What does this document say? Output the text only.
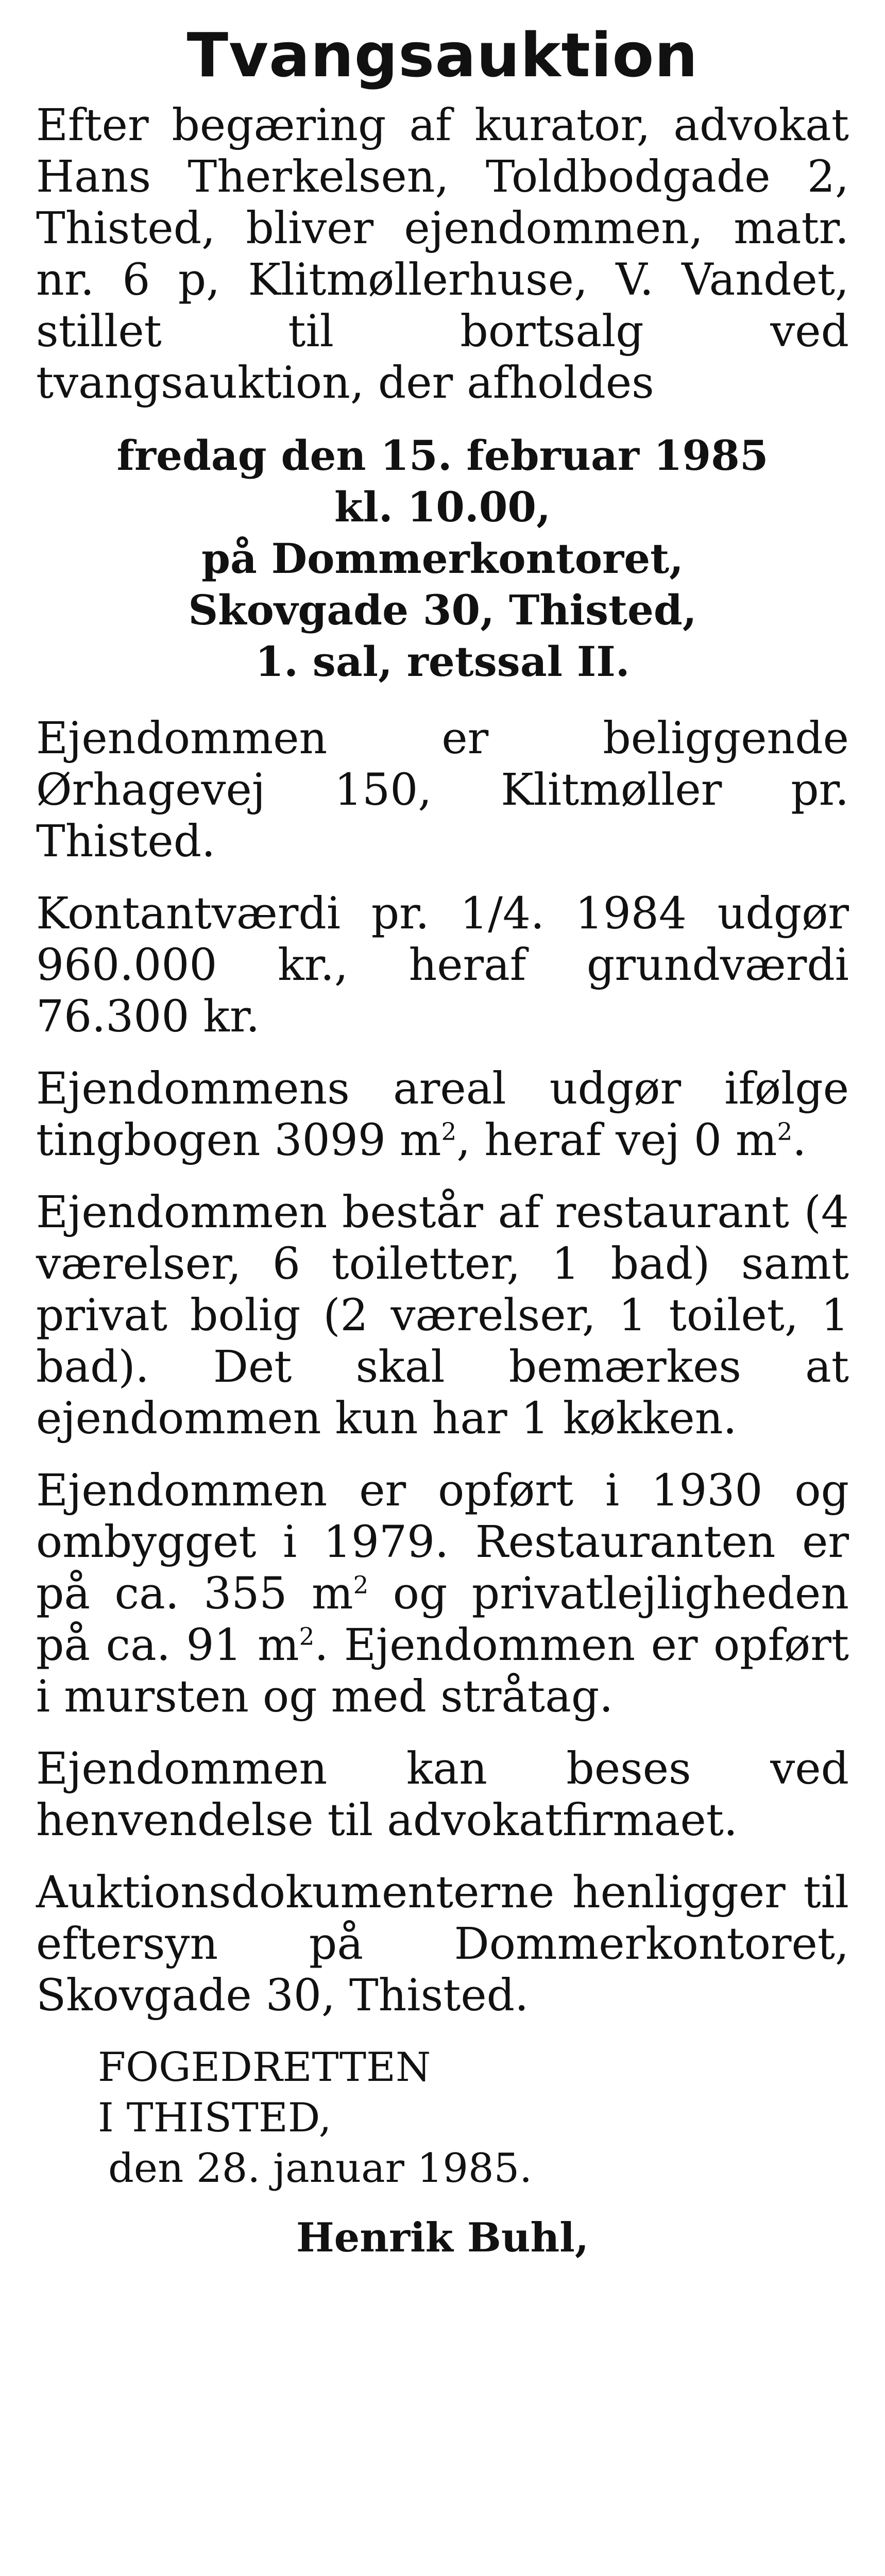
Tvangsauktion

Efter begæring af kurator, advokat Hans Therkelsen, Toldbodgade 2, Thisted, bliver ejendommen, matr. nr. 6 p, Klitmøllerhuse, V. Vandet, stillet til bortsalg ved tvangsauktion, der afholdes

fredag den 15. februar 1985
kl. 10.00,
på Dommerkontoret,
Skovgade 30, Thisted,
1. sal, retssal II.

Ejendommen er beliggende Ørhagevej 150, Klitmøller pr. Thisted.

Kontantværdi pr. 1/4. 1984 udgør 960.000 kr., heraf grundværdi 76.300 kr.

Ejendommens areal udgør ifølge tingbogen 3099 $m^2$, heraf vej 0 $m^2$.

Ejendommen består af restaurant (4 værelser, 6 toiletter, 1 bad) samt privat bolig (2 værelser, 1 toilet, 1 bad). Det skal bemærkes at ejendommen kun har 1 køkken.

Ejendommen er opført i 1930 og ombygget i 1979. Restauranten er på ca. 355 $m^2$ og privatlejligheden på ca. 91 $m^2$. Ejendommen er opført i mursten og med stråtag.

Ejendommen kan beses ved henvendelse til advokatfirmaet.

Auktionsdokumenterne henligger til eftersyn på Dommerkontoret, Skovgade 30, Thisted.

FOGEDRETTEN
I THISTED,
den 28. januar 1985.
Henrik Buhl,
